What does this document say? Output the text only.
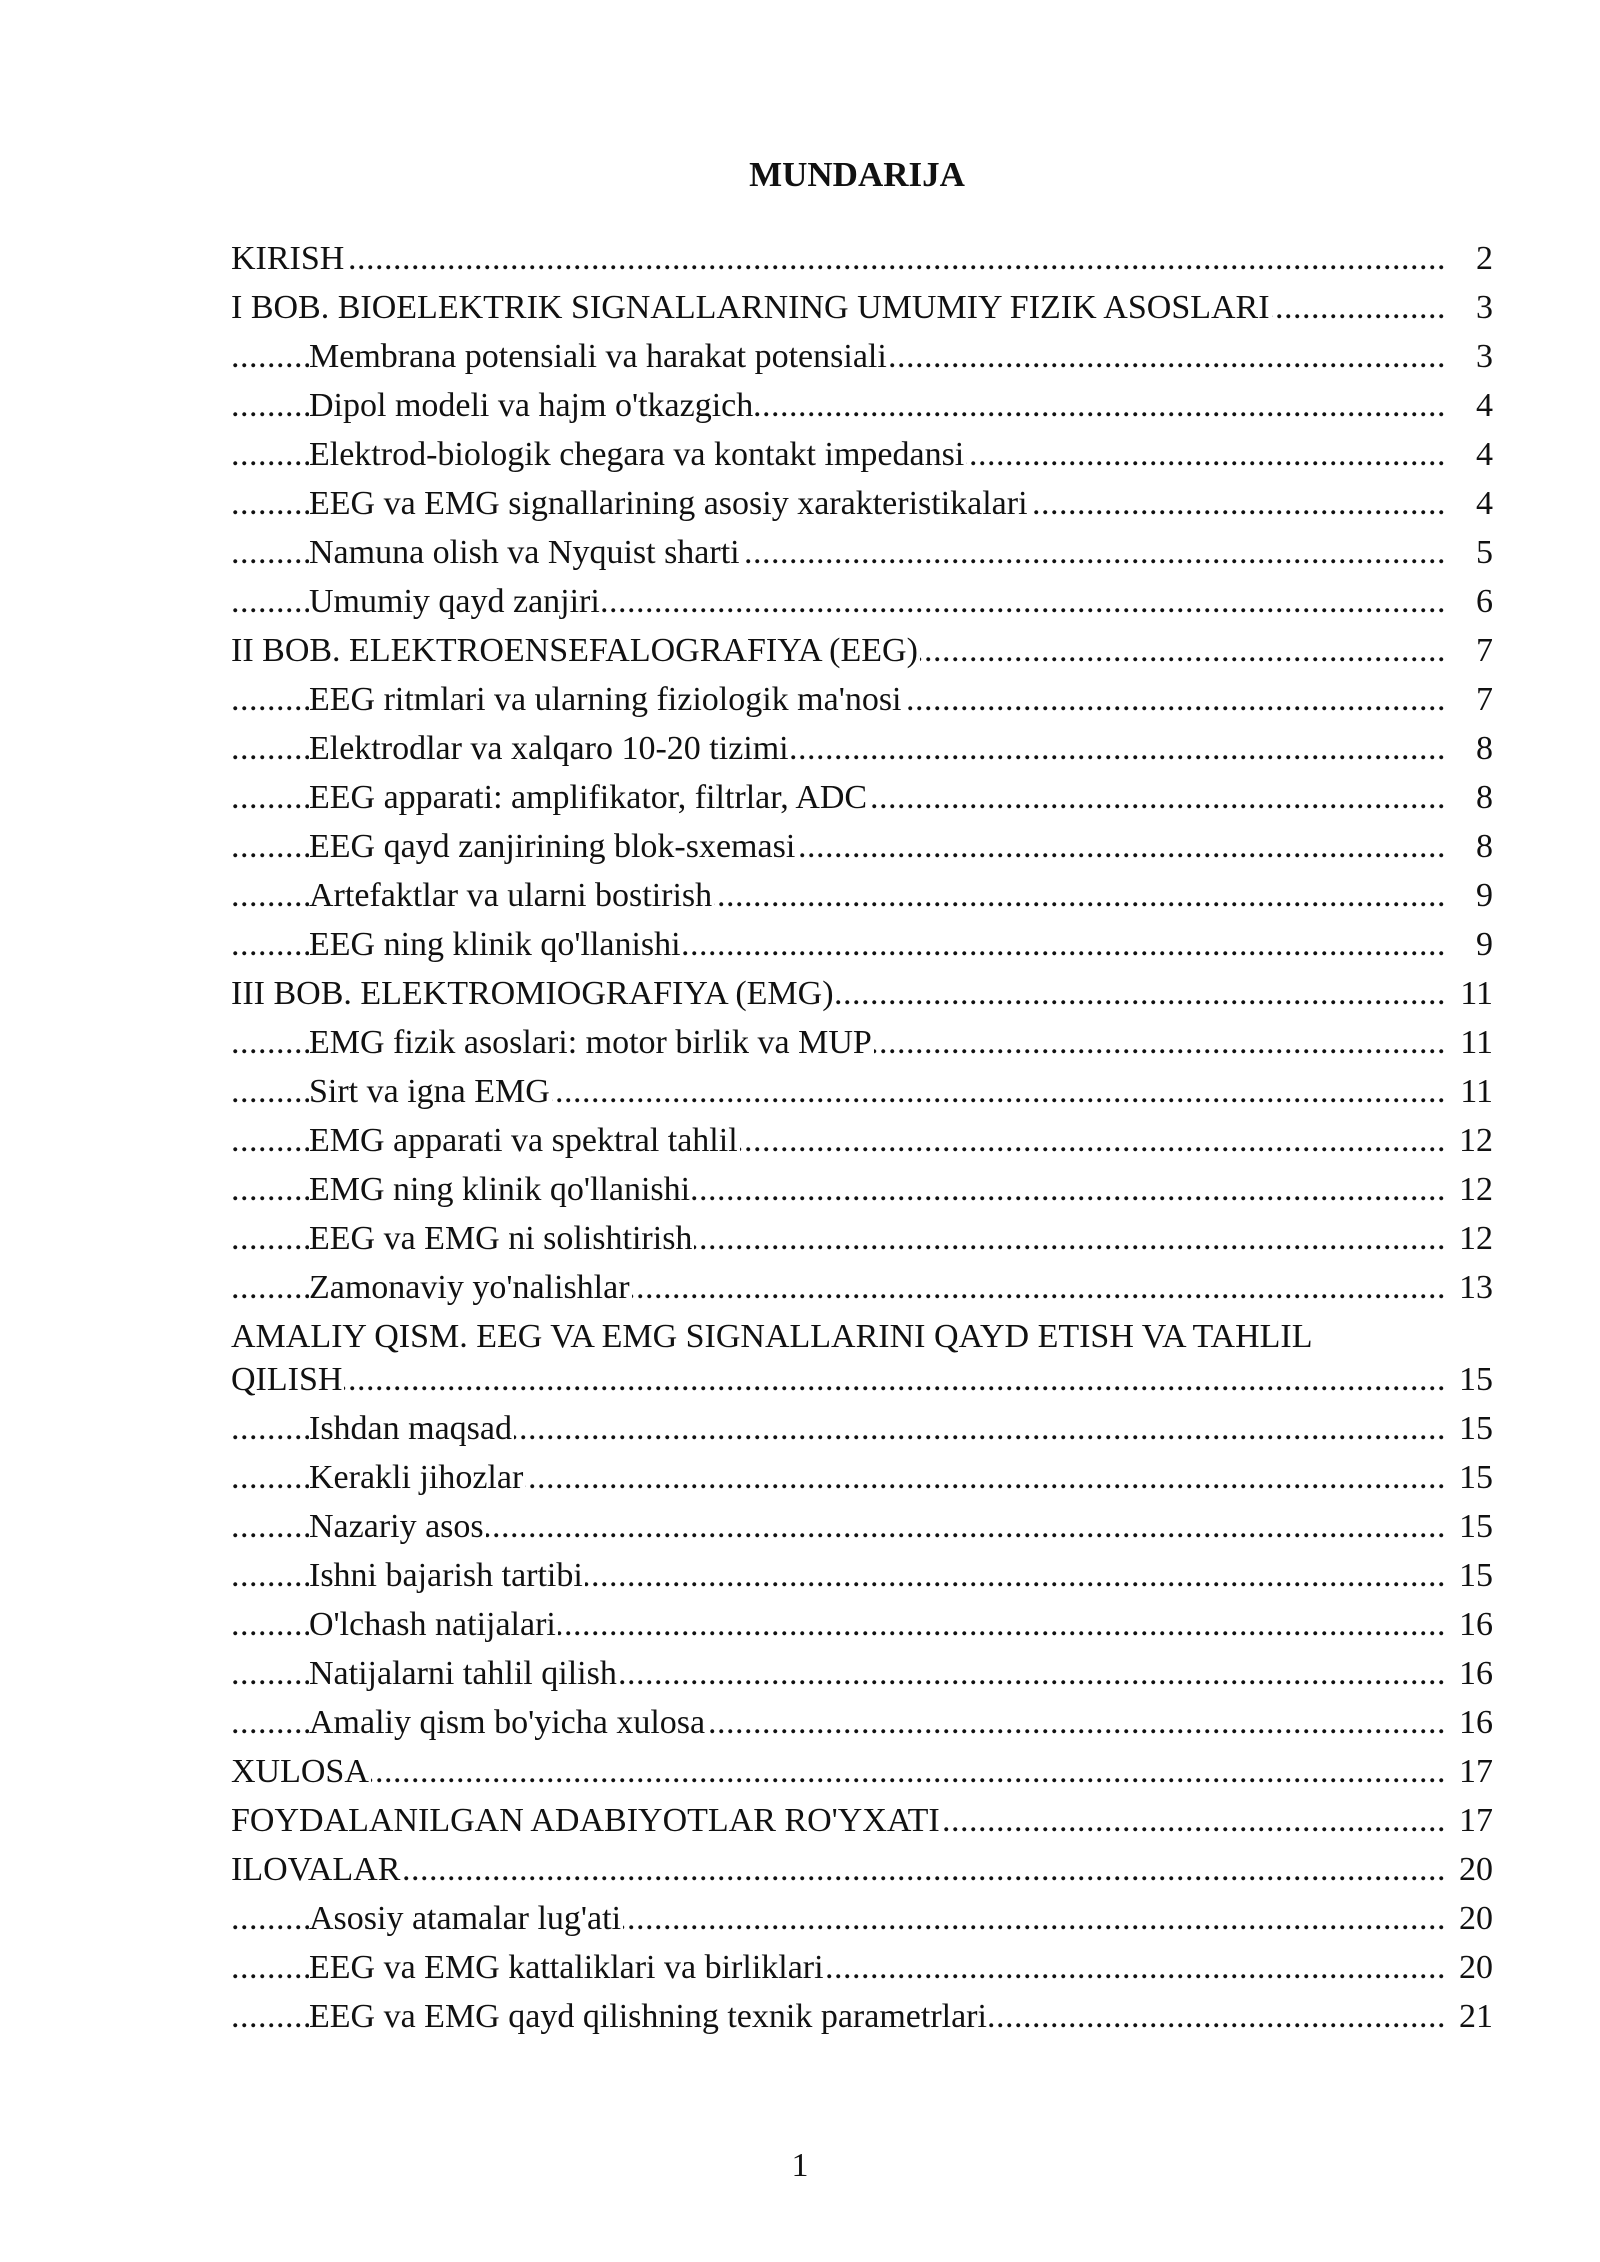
MUNDARIJA
.....
KIRISH	2
.....
I BOB. BIOELEKTRIK SIGNALLARNING UMUMIY FIZIK ASOSLARI	3
.....
Membrana potensiali va harakat potensiali	3
.....
Dipol modeli va hajm o'tkazgich	4
.....
Elektrod-biologik chegara va kontakt impedansi	4
.....
EEG va EMG signallarining asosiy xarakteristikalari	4
.....
Namuna olish va Nyquist sharti	5
.....
Umumiy qayd zanjiri	6
.....
II BOB. ELEKTROENSEFALOGRAFIYA (EEG)	7
.....
EEG ritmlari va ularning fiziologik ma'nosi	7
.....
Elektrodlar va xalqaro 10-20 tizimi	8
.....
EEG apparati: amplifikator, filtrlar, ADC	8
.....
EEG qayd zanjirining blok-sxemasi	8
.....
Artefaktlar va ularni bostirish	9
.....
EEG ning klinik qo'llanishi	9
.....
III BOB. ELEKTROMIOGRAFIYA (EMG)	11
.....
EMG fizik asoslari: motor birlik va MUP	11
.....
Sirt va igna EMG	11
.....
EMG apparati va spektral tahlil	12
.....
EMG ning klinik qo'llanishi	12
.....
EEG va EMG ni solishtirish	12
.....
Zamonaviy yo'nalishlar	13
.....
AMALIY QISM. EEG VA EMG SIGNALLARINI QAYD ETISH VA TAHLIL
QILISH	15
.....
Ishdan maqsad	15
.....
Kerakli jihozlar	15
.....
Nazariy asos	15
.....
Ishni bajarish tartibi	15
.....
O'lchash natijalari	16
.....
Natijalarni tahlil qilish	16
.....
Amaliy qism bo'yicha xulosa	16
.....
XULOSA	17
.....
FOYDALANILGAN ADABIYOTLAR RO'YXATI	17
.....
ILOVALAR	20
.....
Asosiy atamalar lug'ati	20
.....
EEG va EMG kattaliklari va birliklari	20
.....
EEG va EMG qayd qilishning texnik parametrlari	21
1
